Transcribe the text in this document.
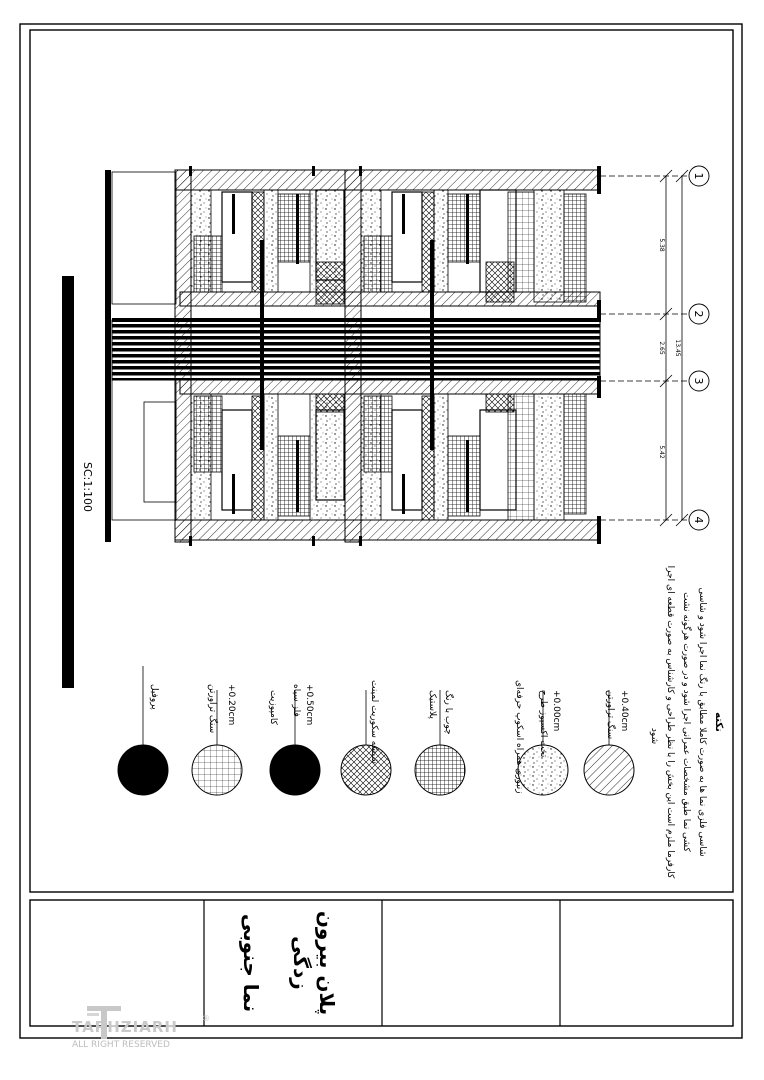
پلان بیرون
زدگی
نما جنوبی
SC:1:100
5.38
2.65
5.42
13.45
1
2
3
4
نکته
شاسی فلزی نما ها به صورت کاملا مطابق با رنگ نما اجرا شود و شاسی
کشی نما طبق مشخصات عمرانی اجرا شود و در صورت هرگونه نشت
کارفرما ملزم است این بخش را با نظر طراحی و کارشناس به صورت قطعه ای اجرا
شود
+0.40cm
سنگ تراورتن
+0.00cm
تخت اکسپوز طرح
زنبوری همراه اسکوپ حرفه‌ای
چوب با رنگ
پلاستیک
شیشه سکوریت لمینت
+0.50cm
فلز سیاه
کامپوزیت
+0.20cm
سنگ تراورتن
پروفیل
TARHZIARH
ALL RIGHT RESERVED
®
